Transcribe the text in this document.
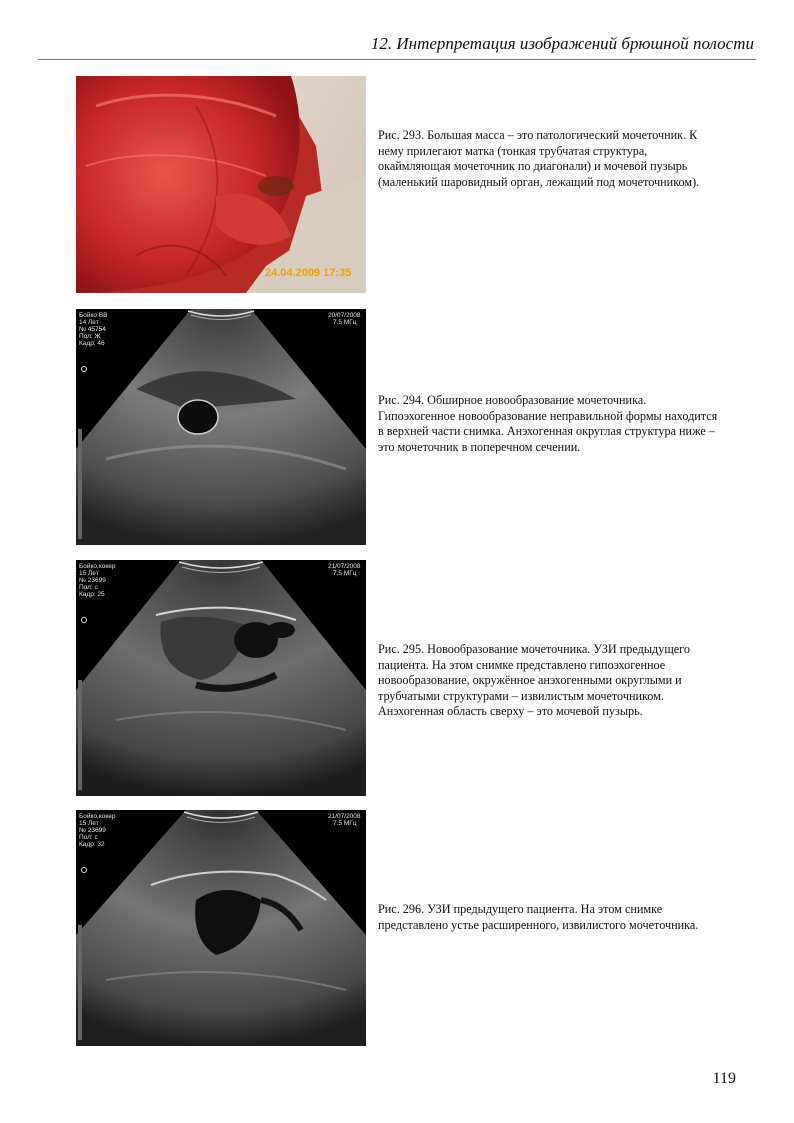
12. Интерпретация изображений брюшной полости
24.04.2009 17:35
Рис. 293. Большая масса – это патологический мочеточник. К нему прилегают матка (тонкая трубчатая структура, окаймляющая мочеточник по диагонали) и мочевой пузырь (маленький шаровидный орган, лежащий под мочеточником).
Бойко ВВ
14 Лет
№ 45754
Пол: Ж
Кадр: 46
20/07/2008
7.5 МГц
Рис. 294. Обширное новообразование мочеточника. Гипоэхогенное новообразование неправильной формы находится в верхней части снимка. Анэхогенная округлая структура ниже – это мочеточник в поперечном сечении.
Бойко,кокер
15 Лет
№ 23699
Пол: с
Кадр: 25
21/07/2008
7.5 МГц
Рис. 295. Новообразование мочеточника. УЗИ предыдущего пациента. На этом снимке представлено гипоэхогенное новообразование, окружённое анэхогенными округлыми и трубчатыми структурами – извилистым мочеточником. Анэхогенная область сверху – это мочевой пузырь.
Бойко,кокер
15 Лет
№ 23699
Пол: с
Кадр: 32
21/07/2008
7.5 МГц
Рис. 296. УЗИ предыдущего пациента. На этом снимке представлено устье расширенного, извилистого мочеточника.
119
